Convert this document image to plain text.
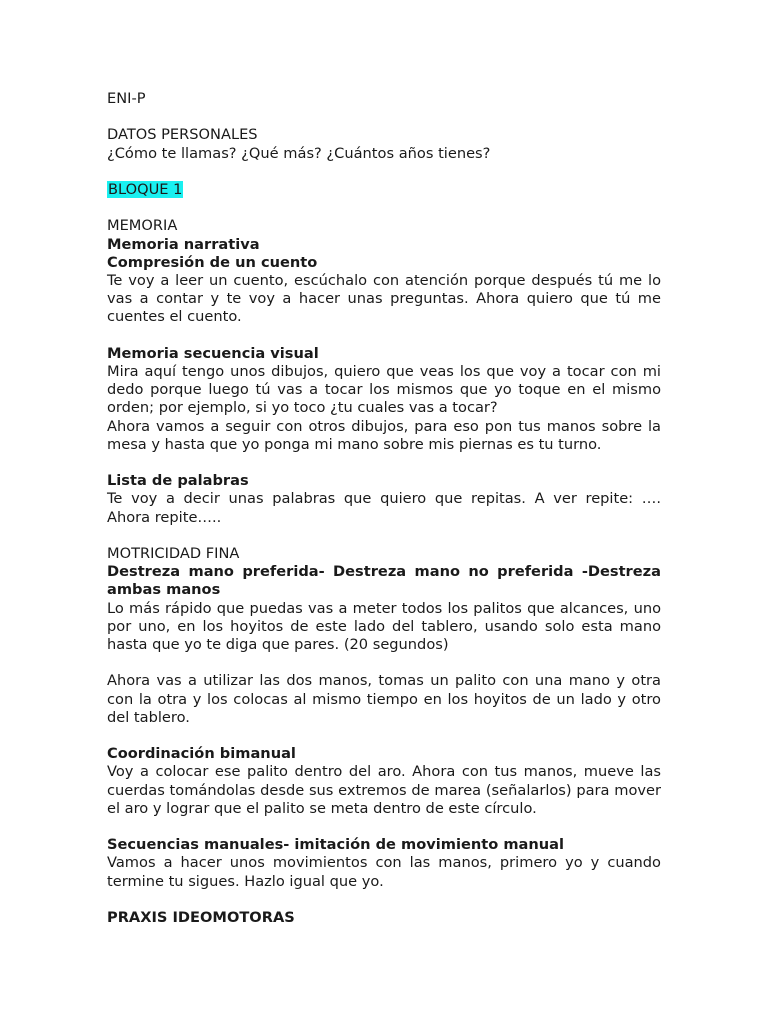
ENI-P
DATOS PERSONALES
¿Cómo te llamas? ¿Qué más? ¿Cuántos años tienes?
BLOQUE 1
MEMORIA
Memoria narrativa
Compresión de un cuento

Te voy a leer un cuento, escúchalo con atención porque después tú me lo vas a contar y te voy a hacer unas preguntas. Ahora quiero que tú me cuentes el cuento.

Memoria secuencia visual

Mira aquí tengo unos dibujos, quiero que veas los que voy a tocar con mi dedo porque luego tú vas a tocar los mismos que yo toque en el mismo orden; por ejemplo, si yo toco ¿tu cuales vas a tocar?

Ahora vamos a seguir con otros dibujos, para eso pon tus manos sobre la mesa y hasta que yo ponga mi mano sobre mis piernas es tu turno.

Lista de palabras

Te voy a decir unas palabras que quiero que repitas. A ver repite: ….

Ahora repite…..

MOTRICIDAD FINA

Destreza mano preferida- Destreza mano no preferida -Destreza ambas manos

Lo más rápido que puedas vas a meter todos los palitos que alcances, uno por uno, en los hoyitos de este lado del tablero, usando solo esta mano hasta que yo te diga que pares. (20 segundos)

Ahora vas a utilizar las dos manos, tomas un palito con una mano y otra con la otra y los colocas al mismo tiempo en los hoyitos de un lado y otro del tablero.

Coordinación bimanual

Voy a colocar ese palito dentro del aro. Ahora con tus manos, mueve las cuerdas tomándolas desde sus extremos de marea (señalarlos) para mover el aro y lograr que el palito se meta dentro de este círculo.

Secuencias manuales- imitación de movimiento manual

Vamos a hacer unos movimientos con las manos, primero yo y cuando termine tu sigues. Hazlo igual que yo.

PRAXIS IDEOMOTORAS
